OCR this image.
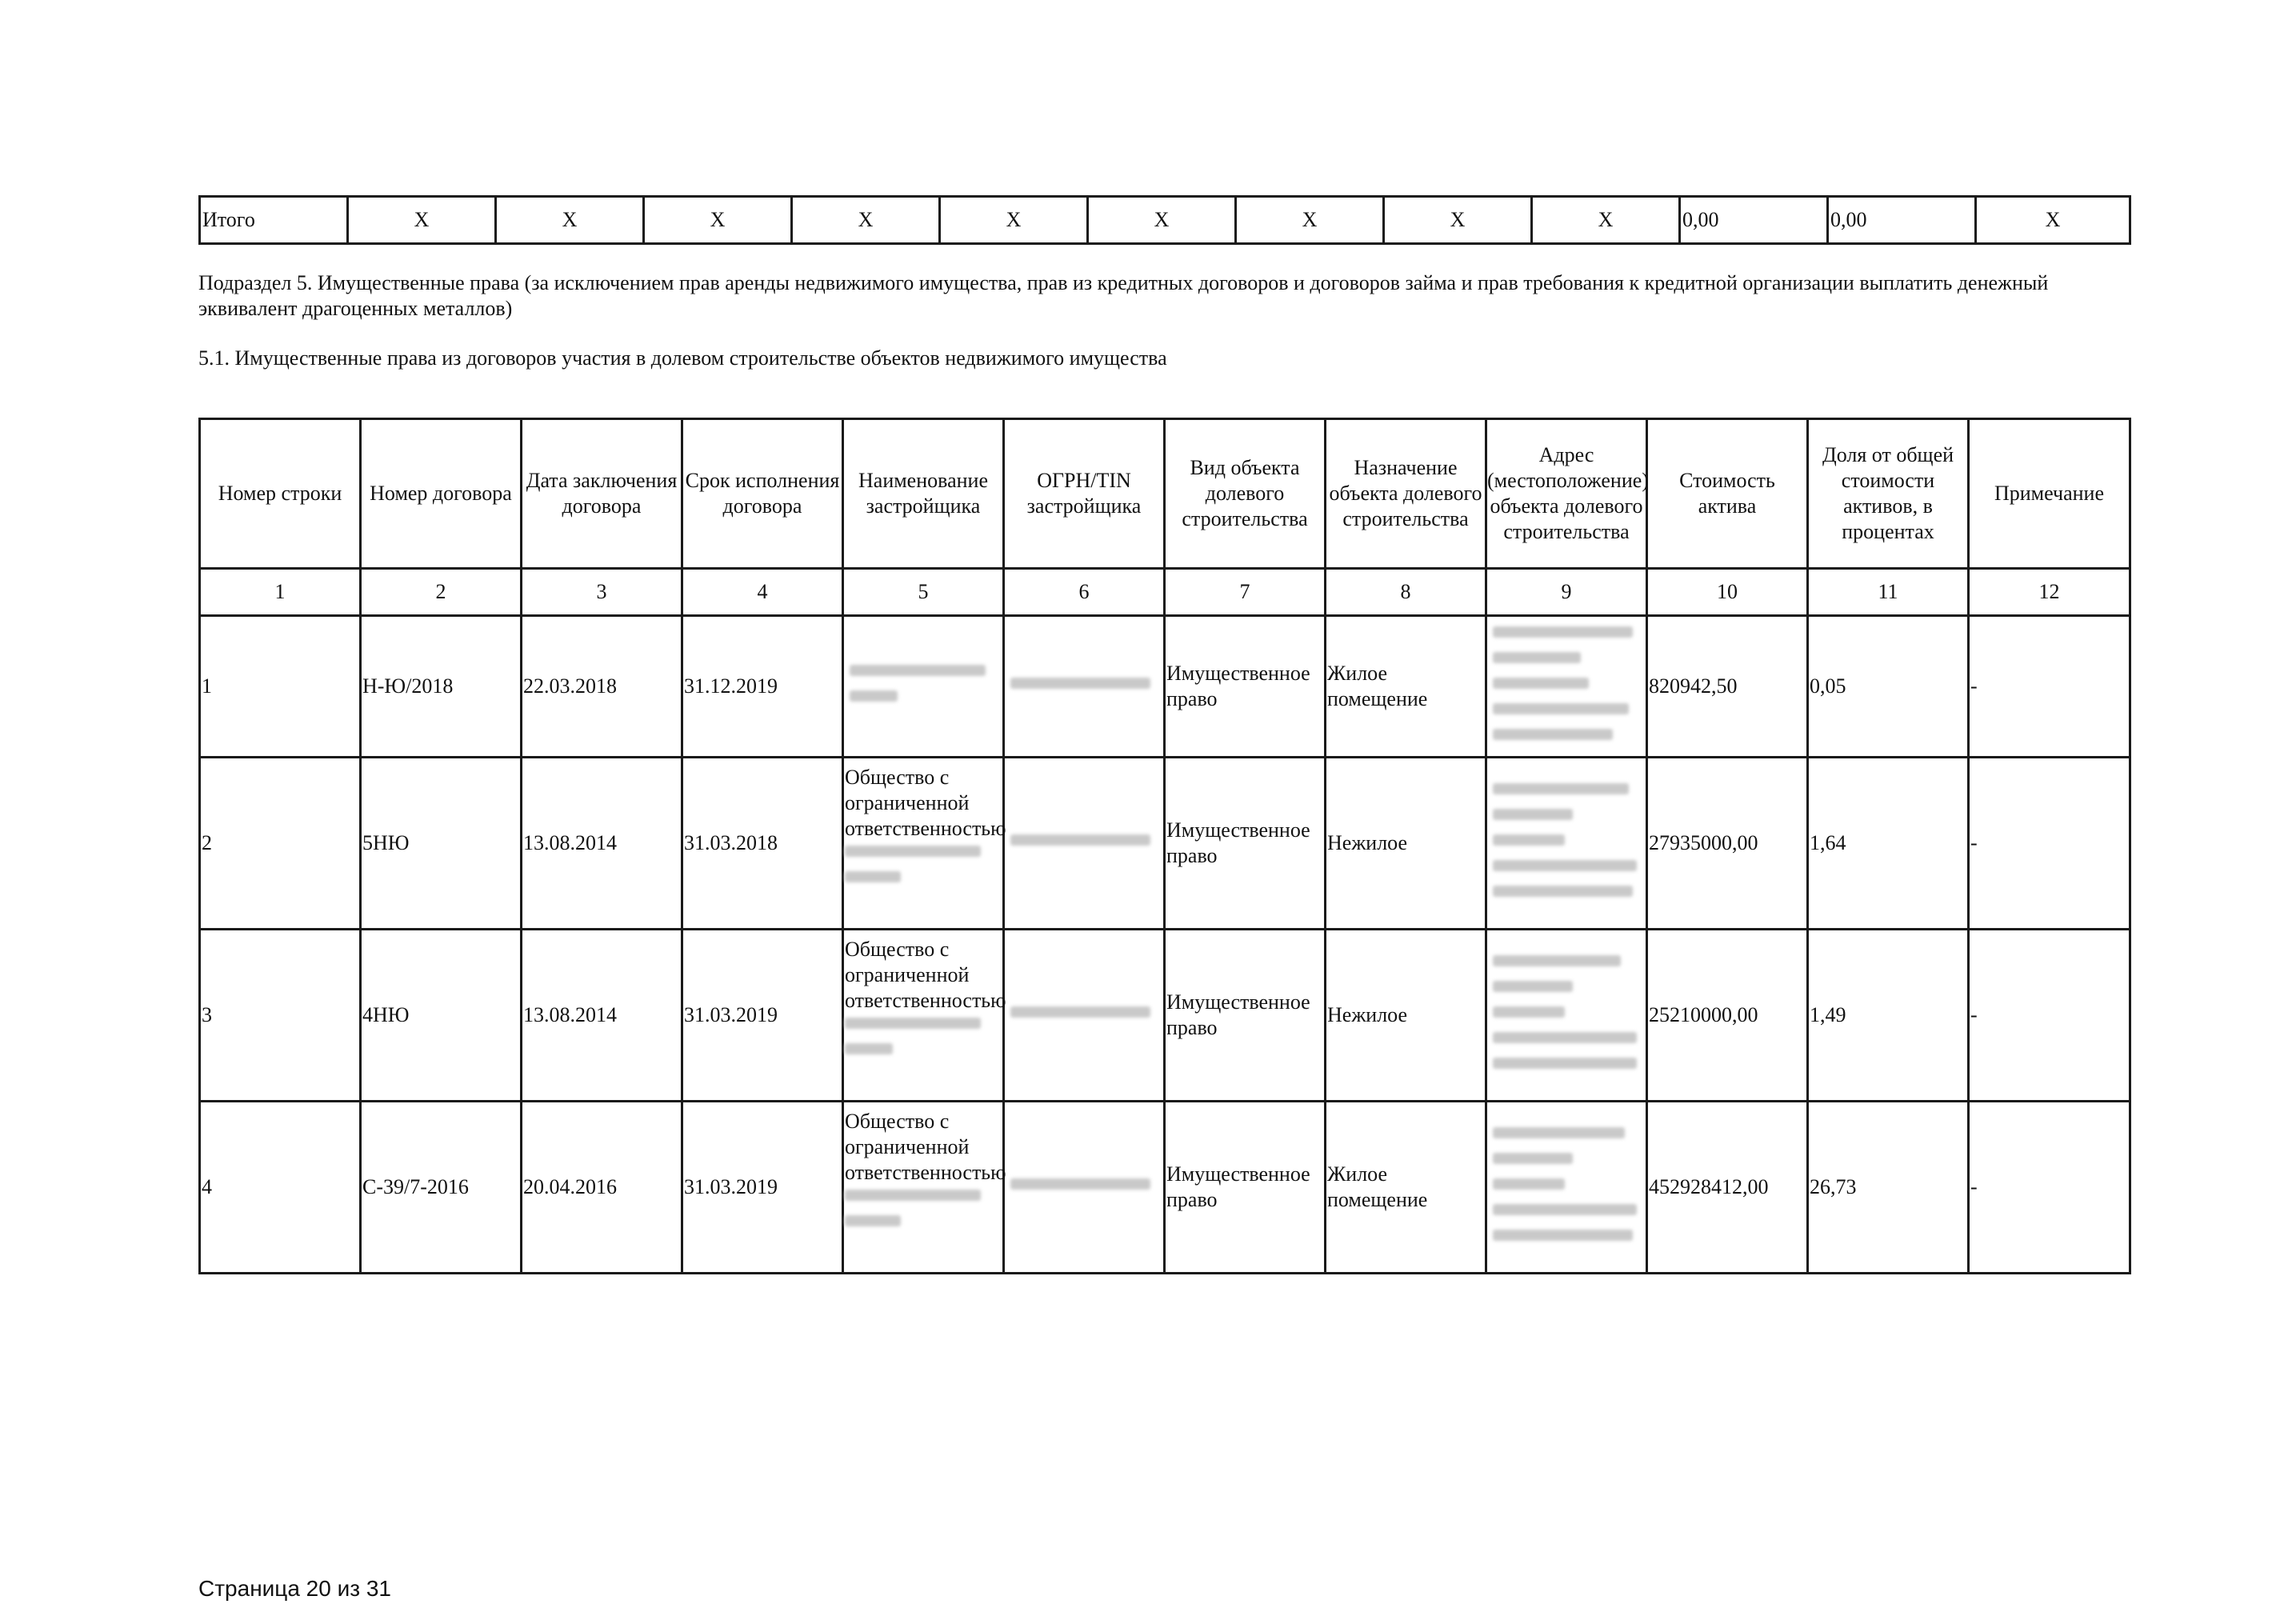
Итого	X	X	X	X	X	X	X	X	X	0,00	0,00	X
Подраздел 5. Имущественные права (за исключением прав аренды недвижимого имущества, прав из кредитных договоров и договоров займа и прав требования к кредитной организации выплатить денежный эквивалент драгоценных металлов)
5.1. Имущественные права из договоров участия в долевом строительстве объектов недвижимого имущества
Номер строки	Номер договора	Дата заключения договора	Срок исполнения договора	Наименование застройщика	ОГРН/TIN застройщика	Вид объекта долевого строительства	Назначение объекта долевого строительства	Адрес (местоположение) объекта долевого строительства	Стоимость актива	Доля от общей стоимости активов, в процентах	Примечание
1	2	3	4	5	6	7	8	9	10	11	12
1	Н-Ю/2018	22.03.2018	31.12.2019			Имущественное право	Жилое помещение		820942,50	0,05	-
2	5НЮ	13.08.2014	31.03.2018	Общество с ограниченной ответственностью		Имущественное право	Нежилое		27935000,00	1,64	-
3	4НЮ	13.08.2014	31.03.2019	Общество с ограниченной ответственностью		Имущественное право	Нежилое		25210000,00	1,49	-
4	С-39/7-2016	20.04.2016	31.03.2019	Общество с ограниченной ответственностью		Имущественное право	Жилое помещение		452928412,00	26,73	-
Страница 20 из 31
